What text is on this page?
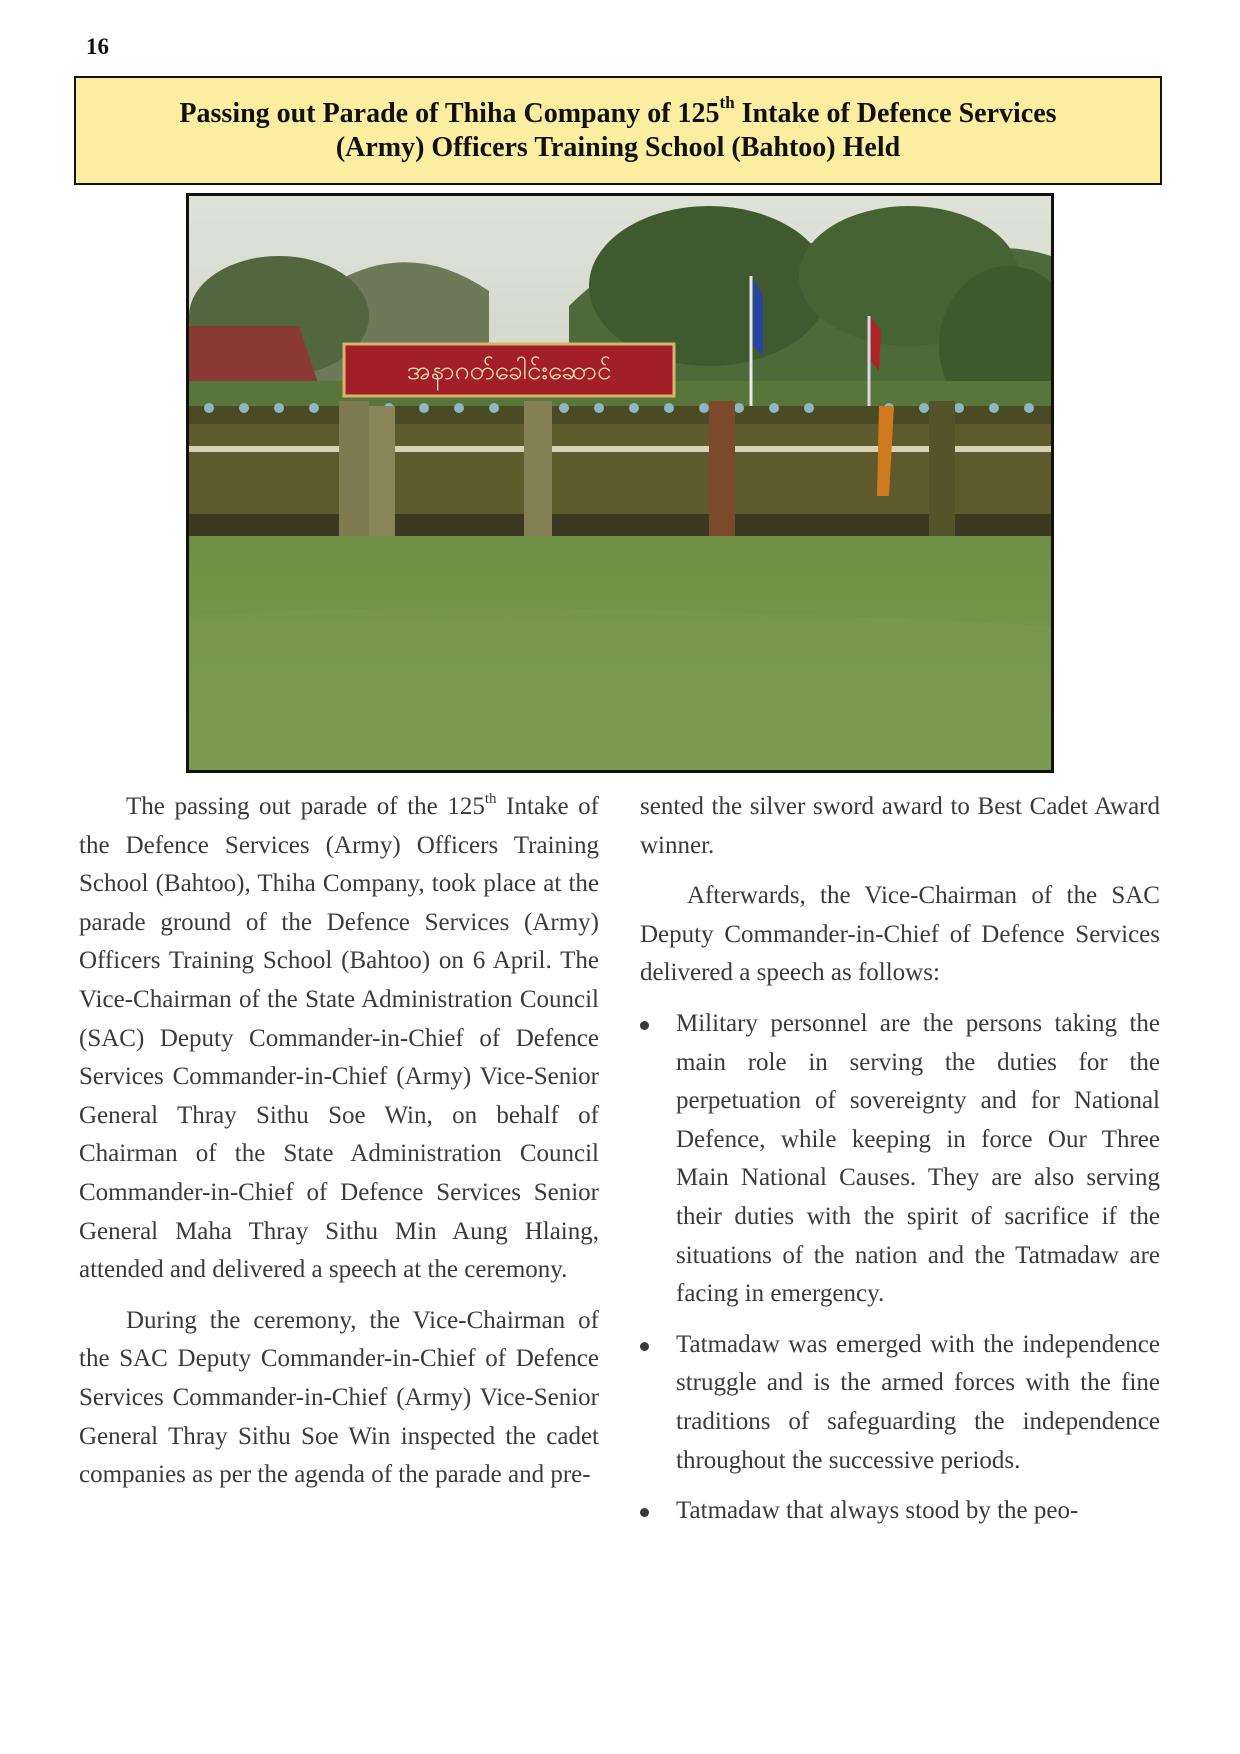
16
Passing out Parade of Thiha Company of 125th Intake of Defence Services
(Army) Officers Training School (Bahtoo) Held
အနာဂတ်ခေါင်းဆောင်

The passing out parade of the 125th Intake of the Defence Services (Army) Officers Training School (Bahtoo), Thiha Company, took place at the parade ground of the Defence Services (Army) Officers Training School (Bahtoo) on 6 April. The Vice-Chairman of the State Administration Council (SAC) Deputy Commander-in-Chief of Defence Services Commander-in-Chief (Army) Vice-Senior General Thray Sithu Soe Win, on behalf of Chairman of the State Administration Council Commander-in-Chief of Defence Services Senior General Maha Thray Sithu Min Aung Hlaing, attended and delivered a speech at the ceremony.

During the ceremony, the Vice-Chairman of the SAC Deputy Commander-in-Chief of Defence Services Commander-in-Chief (Army) Vice-Senior General Thray Sithu Soe Win inspected the cadet companies as per the agenda of the parade and pre-

sented the silver sword award to Best Cadet Award winner.

Afterwards, the Vice-Chairman of the SAC Deputy Commander-in-Chief of Defence Services delivered a speech as follows:

Military personnel are the persons taking the main role in serving the duties for the perpetuation of sovereignty and for National Defence, while keeping in force Our Three Main National Causes. They are also serving their duties with the spirit of sacrifice if the situations of the nation and the Tatmadaw are facing in emergency.
Tatmadaw was emerged with the independence struggle and is the armed forces with the fine traditions of safeguarding the independence throughout the successive periods.
Tatmadaw that always stood by the peo-
